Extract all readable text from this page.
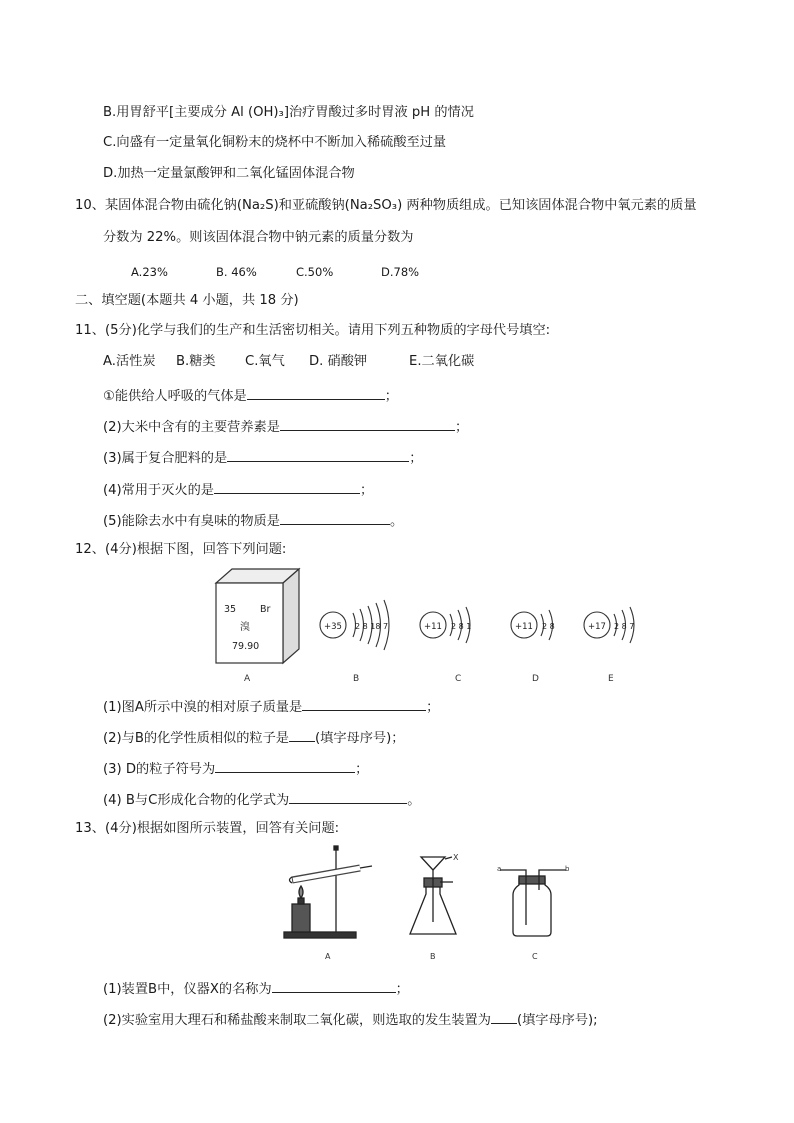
B.用胃舒平[主要成分 Al (OH)₃]治疗胃酸过多时胃液 pH 的情况
C.向盛有一定量氧化铜粉末的烧杯中不断加入稀硫酸至过量
D.加热一定量氯酸钾和二氧化锰固体混合物
10、某固体混合物由硫化钠(Na₂S)和亚硫酸钠(Na₂SO₃) 两种物质组成。已知该固体混合物中氧元素的质量
分数为 22%。则该固体混合物中钠元素的质量分数为
A.23%	B. 46%	C.50%	D.78%
二、填空题(本题共 4 小题，共 18 分)
11、(5分)化学与我们的生产和生活密切相关。请用下列五种物质的字母代号填空:
A.活性炭 B.糖类 C.氧气 D. 硝酸钾	E.二氧化碳
①能供给人呼吸的气体是	；
(2)大米中含有的主要营养素是	；
(3)属于复合肥料的是	；
(4)常用于灭火的是	；
(5)能除去水中有臭味的物质是	。
12、(4分)根据下图，回答下列问题:
35	Br
溴
79.90
+35 2 8 18 7	+11 2 8 1	+11 2 8	+17 2 8 7
A	B	C	D	E
(1)图A所示中溴的相对原子质量是	；
(2)与B的化学性质相似的粒子是 (填字母序号)；
(3) D的粒子符号为	；
(4) B与C形成化合物的化学式为	。
13、(4分)根据如图所示装置，回答有关问题:
A
X
B
a	b
C
(1)装置B中，仪器X的名称为	；
(2)实验室用大理石和稀盐酸来制取二氧化碳，则选取的发生装置为 (填字母序号);
